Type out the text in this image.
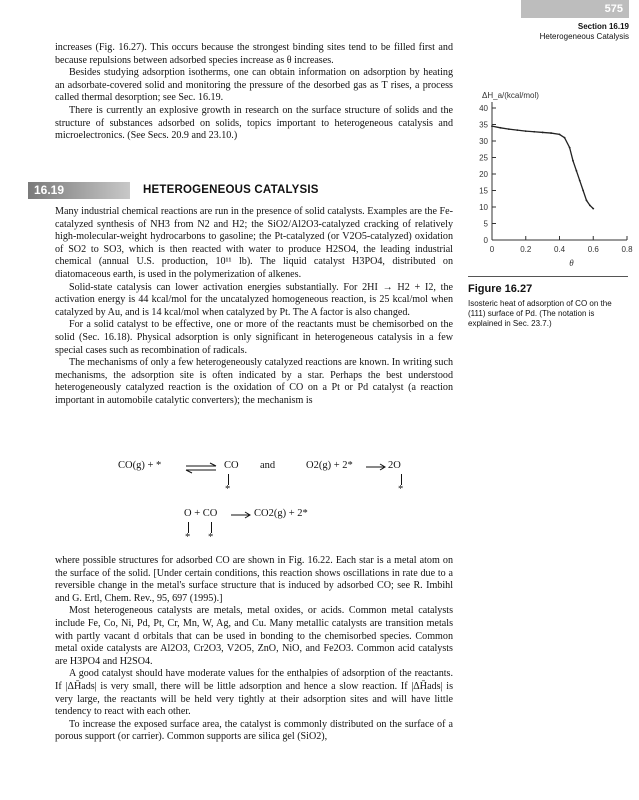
575
Section 16.19
Heterogeneous Catalysis

increases (Fig. 16.27). This occurs because the strongest binding sites tend to be filled first and because repulsions between adsorbed species increase as θ increases.

Besides studying adsorption isotherms, one can obtain information on adsorption by heating an adsorbate-covered solid and monitoring the pressure of the desorbed gas as T rises, a process called thermal desorption; see Sec. 16.19.

There is currently an explosive growth in research on the surface structure of solids and the structure of substances adsorbed on solids, topics important to heterogeneous catalysis and microelectronics. (See Secs. 20.9 and 23.10.)

16.19	HETEROGENEOUS CATALYSIS

Many industrial chemical reactions are run in the presence of solid catalysts. Examples are the Fe-catalyzed synthesis of NH3 from N2 and H2; the SiO2/Al2O3-catalyzed cracking of relatively high-molecular-weight hydrocarbons to gasoline; the Pt-catalyzed (or V2O5-catalyzed) oxidation of SO2 to SO3, which is then reacted with water to produce H2SO4, the leading industrial chemical (annual U.S. production, 10¹¹ lb). The liquid catalyst H3PO4, distributed on diatomaceous earth, is used in the polymerization of alkenes.

Solid-state catalysis can lower activation energies substantially. For 2HI → H2 + I2, the activation energy is 44 kcal/mol for the uncatalyzed homogeneous reaction, is 25 kcal/mol when catalyzed by Au, and is 14 kcal/mol when catalyzed by Pt. The A factor is also changed.

For a solid catalyst to be effective, one or more of the reactants must be chemisorbed on the solid (Sec. 16.18). Physical adsorption is only significant in heterogeneous catalysis in a few special cases such as recombination of radicals.

The mechanisms of only a few heterogeneously catalyzed reactions are known. In writing such mechanisms, the adsorption site is often indicated by a star. Perhaps the best understood heterogeneously catalyzed reaction is the oxidation of CO on a Pt or Pd catalyst (a reaction important in automobile catalytic converters); the mechanism is

CO(g) + * ⇌ CO
*
and	O2(g) + 2*	2O
*
O + CO	CO2(g) + 2*
* *

where possible structures for adsorbed CO are shown in Fig. 16.22. Each star is a metal atom on the surface of the solid. [Under certain conditions, this reaction shows oscillations in rate due to a reversible change in the metal's surface structure that is induced by adsorbed CO; see R. Imbihl and G. Ertl, Chem. Rev., 95, 697 (1995).]

Most heterogeneous catalysts are metals, metal oxides, or acids. Common metal catalysts include Fe, Co, Ni, Pd, Pt, Cr, Mn, W, Ag, and Cu. Many metallic catalysts are transition metals with partly vacant d orbitals that can be used in bonding to the chemisorbed species. Common metal oxide catalysts are Al2O3, Cr2O3, V2O5, ZnO, NiO, and Fe2O3. Common acid catalysts are H3PO4 and H2SO4.

A good catalyst should have moderate values for the enthalpies of adsorption of the reactants. If |ΔH̄ads| is very small, there will be little adsorption and hence a slow reaction. If |ΔH̄ads| is very large, the reactants will be held very tightly at their adsorption sites and will have little tendency to react with each other.

To increase the exposed surface area, the catalyst is commonly distributed on the surface of a porous support (or carrier). Common supports are silica gel (SiO2),

0
5
10
15
20
25
30
35
40
0	0.2	0.4	0.6	0.8
ΔH_a/(kcal/mol)
θ
Figure 16.27
Isosteric heat of adsorption of CO on the (111) surface of Pd. (The notation is explained in Sec. 23.7.)
